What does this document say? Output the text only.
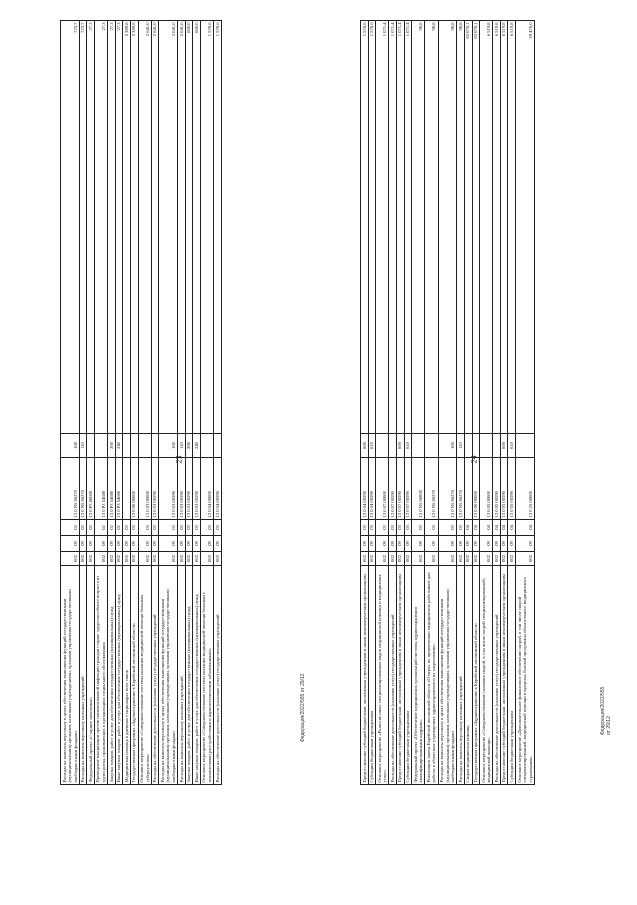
23	24
Федерация/2022/555 от 29/12	Федерация/2022/555 от 29/12
Расходы на выплаты персоналу в целях обеспечения выполнения функций государственными (муниципальными) органами, казенными учреждениями, органами управления государственными внебюджетными фондами	002	09	02	13 0 N5 86270	100	723,7
Расходы на выплаты персоналу казенных учреждений	002	09	02	13 0 N5 86270	110	723,7
Федеральный проект «Старшее поколение»	002	09	02	13 0 P3 00000		27,3
Проведение вакцинации против пневмококковой инфекции граждан старше трудоспособного возраста из групп риска, проживающих в организациях социального обслуживания	002	09	02	13 0 P3 54680		27,3
Закупка товаров, работ и услуг для обеспечения государственных (муниципальных) нужд	002	09	02	13 0 P3 54680	200	27,3
Иные закупки товаров, работ и услуг для обеспечения государственных (муниципальных) нужд	002	09	02	13 0 P3 54680	240	27,3
Медицинская помощь в дневных стационарах всех типов	002	09	03			5 389,8
Государственная программа «Здравоохранение в Еврейской автономной области»	002	09	03	13 0 00 00000		5 389,8
Основное мероприятие «Совершенствование системы оказания медицинской помощи больным туберкулезом»	002	09	03	13 0 03 00000		2 641,0
Расходы на обеспечение деятельности (оказание услуг) государственных учреждений	002	09	03	13 0 03 00590		2 641,0
Расходы на выплаты персоналу в целях обеспечения выполнения функций государственными (муниципальными) органами, казенными учреждениями, органами управления государственными внебюджетными фондами	002	09	03	13 0 03 00590	100	2 041,0
Расходы на выплаты персоналу казенных учреждений	002	09	03	13 0 03 00590	110	2 041,0
Закупка товаров, работ и услуг для обеспечения государственных (муниципальных) нужд	002	09	03	13 0 03 00590	200	600,0
Иные закупки товаров, работ и услуг для обеспечения государственных (муниципальных) нужд	002	09	03	13 0 03 00590	240	600,0
Основное мероприятие «Совершенствование системы оказания медицинской помощи больным с психическими расстройствами и наркологическими заболеваниями»	002	09	03	13 0 04 00000		1 578,6
Расходы на обеспечение деятельности (оказание услуг) государственных учреждений	002	09	03	13 0 04 00590		1 578,6
Предоставление субсидий бюджетным, автономным учреждениям и иным некоммерческим организациям	002	09	03	13 0 04 00590	600	1 578,6
Субсидии бюджетным учреждениям	002	09	03	13 0 04 00590	610	1 578,6
Основное мероприятие «Развитие иных специализированных видов медицинской помощи и медицинских услуг»	002	09	03	13 0 07 00000		1 071,4
Расходы на обеспечение деятельности (оказание услуг) государственных учреждений	002	09	03	13 0 07 00590		1 071,4
Предоставление субсидий бюджетным, автономным учреждениям и иным некоммерческим организациям	002	09	03	13 0 07 00590	600	1 071,4
Субсидии бюджетным учреждениям	002	09	03	13 0 07 00590	610	1 071,4
Федеральный проект «Обеспечение медицинских организаций системы здравоохранения квалифицированными кадрами»	002	09	03	13 0 N5 00000		98,8
Реализация закона Еврейской автономной области «О мерах по привлечению медицинских работников для работы в областных учреждениях здравоохранения и их закреплению»	002	09	03	13 0 N5 86270		98,8
Расходы на выплаты персоналу в целях обеспечения выполнения функций государственными (муниципальными) органами, казенными учреждениями, органами управления государственными внебюджетными фондами	002	09	03	13 0 N5 86270	100	98,8
Расходы на выплаты персоналу казенных учреждений	002	09	03	13 0 N5 86270	110	98,8
Скорая медицинская помощь	002	09	04			82 078,1
Государственная программа «Здравоохранение в Еврейской автономной области»	002	09	04	13 0 00 00000		82 078,1
Основное мероприятие «Совершенствование оказания скорой, в том числе скорой специализированной, медицинской помощи»	002	09	04	13 0 05 00000		6 519,8
Расходы на обеспечение деятельности (оказание услуг) государственных учреждений	002	09	04	13 0 05 00590		6 519,8
Предоставление субсидий бюджетным, автономным учреждениям и иным некоммерческим организациям	002	09	04	13 0 05 00590	600	6 519,8
Субсидии бюджетным учреждениям	002	09	04	13 0 05 00590	610	6 519,8
Основное мероприятие «Дополнительное финансовое обеспечение скорой, в том числе скорой специализированной, медицинской помощи в пределах базовой программы обязательного медицинского страхования»	002	09	04	13 0 25 00000		29 476,0
